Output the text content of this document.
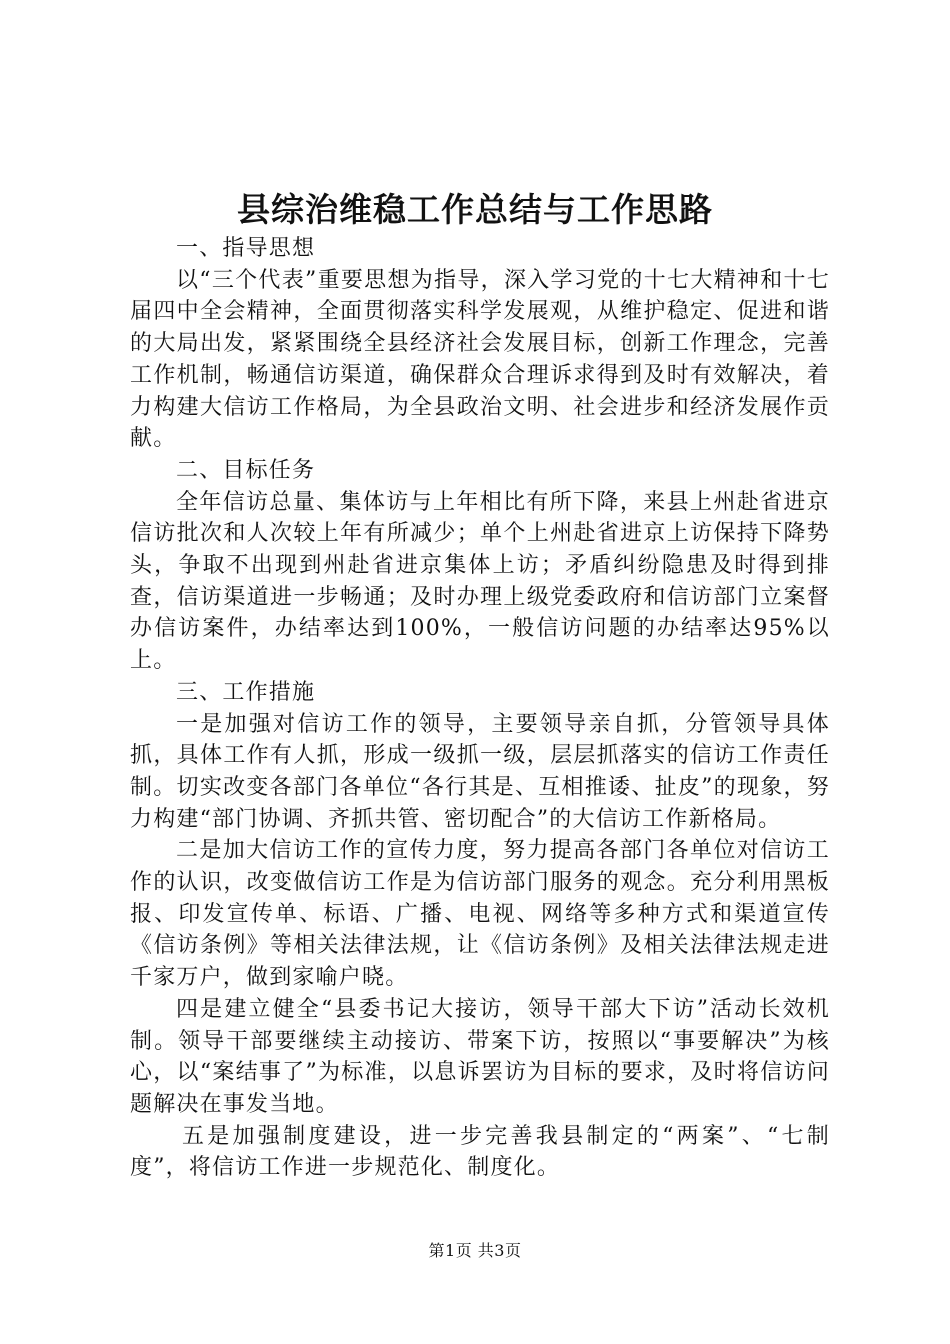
县综治维稳工作总结与工作思路

一、指导思想

以“三个代表”重要思想为指导，深入学习党的十七大精神和十七届四中全会精神，全面贯彻落实科学发展观，从维护稳定、促进和谐的大局出发，紧紧围绕全县经济社会发展目标，创新工作理念，完善工作机制，畅通信访渠道，确保群众合理诉求得到及时有效解决，着力构建大信访工作格局，为全县政治文明、社会进步和经济发展作贡献。

二、目标任务

全年信访总量、集体访与上年相比有所下降，来县上州赴省进京信访批次和人次较上年有所减少；单个上州赴省进京上访保持下降势头，争取不出现到州赴省进京集体上访；矛盾纠纷隐患及时得到排查，信访渠道进一步畅通；及时办理上级党委政府和信访部门立案督办信访案件，办结率达到100%，一般信访问题的办结率达95%以上。

三、工作措施

一是加强对信访工作的领导，主要领导亲自抓，分管领导具体抓，具体工作有人抓，形成一级抓一级，层层抓落实的信访工作责任制。切实改变各部门各单位“各行其是、互相推诿、扯皮”的现象，努力构建“部门协调、齐抓共管、密切配合”的大信访工作新格局。

二是加大信访工作的宣传力度，努力提高各部门各单位对信访工作的认识，改变做信访工作是为信访部门服务的观念。充分利用黑板报、印发宣传单、标语、广播、电视、网络等多种方式和渠道宣传《信访条例》等相关法律法规，让《信访条例》及相关法律法规走进千家万户，做到家喻户晓。

四是建立健全“县委书记大接访，领导干部大下访”活动长效机制。领导干部要继续主动接访、带案下访，按照以“事要解决”为核心，以“案结事了”为标准，以息诉罢访为目标的要求，及时将信访问题解决在事发当地。

五是加强制度建设，进一步完善我县制定的“两案”、“七制度”，将信访工作进一步规范化、制度化。

第1页 共3页
